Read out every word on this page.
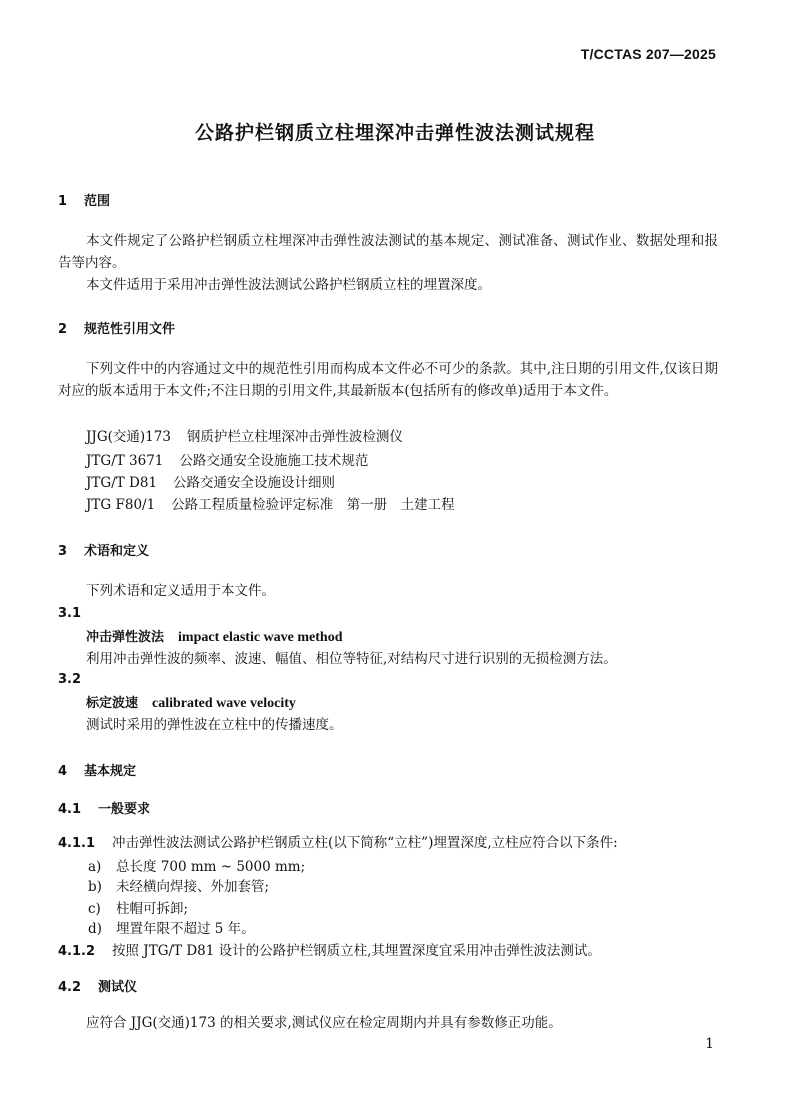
T/CCTAS 207—2025
公路护栏钢质立柱埋深冲击弹性波法测试规程
1 范围
本文件规定了公路护栏钢质立柱埋深冲击弹性波法测试的基本规定、测试准备、测试作业、数据处理和报告等内容。
本文件适用于采用冲击弹性波法测试公路护栏钢质立柱的埋置深度。
2 规范性引用文件
下列文件中的内容通过文中的规范性引用而构成本文件必不可少的条款。其中,注日期的引用文件,仅该日期对应的版本适用于本文件;不注日期的引用文件,其最新版本(包括所有的修改单)适用于本文件。
JJG(交通)173 钢质护栏立柱埋深冲击弹性波检测仪
JTG/T 3671 公路交通安全设施施工技术规范
JTG/T D81 公路交通安全设施设计细则
JTG F80/1 公路工程质量检验评定标准　第一册　土建工程
3 术语和定义
下列术语和定义适用于本文件。
3.1
冲击弹性波法 impact elastic wave method
利用冲击弹性波的频率、波速、幅值、相位等特征,对结构尺寸进行识别的无损检测方法。
3.2
标定波速 calibrated wave velocity
测试时采用的弹性波在立柱中的传播速度。
4 基本规定
4.1 一般要求
4.1.1 冲击弹性波法测试公路护栏钢质立柱(以下简称“立柱”)埋置深度,立柱应符合以下条件:
a) 总长度 700 mm ~ 5000 mm;
b) 未经横向焊接、外加套管;
c) 柱帽可拆卸;
d) 埋置年限不超过 5 年。
4.1.2 按照 JTG/T D81 设计的公路护栏钢质立柱,其埋置深度宜采用冲击弹性波法测试。
4.2 测试仪
应符合 JJG(交通)173 的相关要求,测试仪应在检定周期内并具有参数修正功能。
1
